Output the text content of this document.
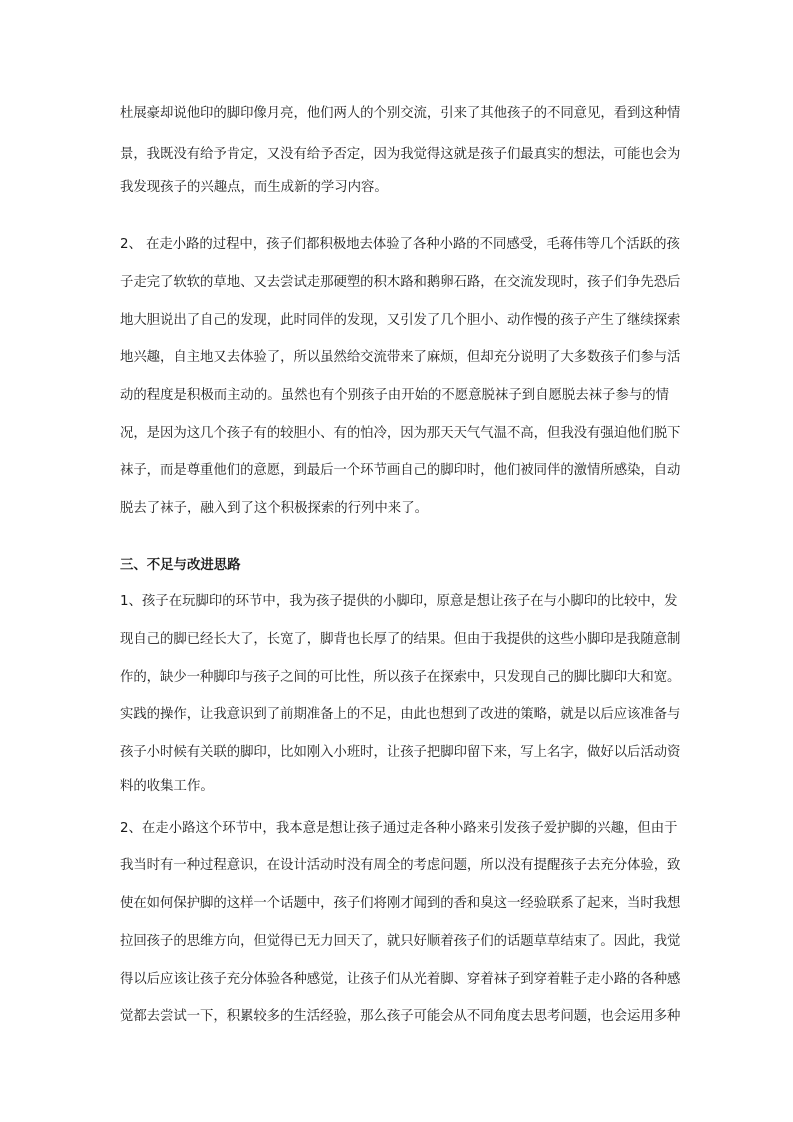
杜展豪却说他印的脚印像月亮，他们两人的个别交流，引来了其他孩子的不同意见，看到这种情
景，我既没有给予肯定，又没有给予否定，因为我觉得这就是孩子们最真实的想法，可能也会为
我发现孩子的兴趣点，而生成新的学习内容。
2、 在走小路的过程中，孩子们都积极地去体验了各种小路的不同感受，毛蒋伟等几个活跃的孩
子走完了软软的草地、又去尝试走那硬塑的积木路和鹅卵石路，在交流发现时，孩子们争先恐后
地大胆说出了自己的发现，此时同伴的发现，又引发了几个胆小、动作慢的孩子产生了继续探索
地兴趣，自主地又去体验了，所以虽然给交流带来了麻烦，但却充分说明了大多数孩子们参与活
动的程度是积极而主动的。虽然也有个别孩子由开始的不愿意脱袜子到自愿脱去袜子参与的情
况，是因为这几个孩子有的较胆小、有的怕冷，因为那天天气气温不高，但我没有强迫他们脱下
袜子，而是尊重他们的意愿，到最后一个环节画自己的脚印时，他们被同伴的激情所感染，自动
脱去了袜子，融入到了这个积极探索的行列中来了。
三、不足与改进思路
1、孩子在玩脚印的环节中，我为孩子提供的小脚印，原意是想让孩子在与小脚印的比较中，发
现自己的脚已经长大了，长宽了，脚背也长厚了的结果。但由于我提供的这些小脚印是我随意制
作的，缺少一种脚印与孩子之间的可比性，所以孩子在探索中，只发现自己的脚比脚印大和宽。
实践的操作，让我意识到了前期准备上的不足，由此也想到了改进的策略，就是以后应该准备与
孩子小时候有关联的脚印，比如刚入小班时，让孩子把脚印留下来，写上名字，做好以后活动资
料的收集工作。
2、在走小路这个环节中，我本意是想让孩子通过走各种小路来引发孩子爱护脚的兴趣，但由于
我当时有一种过程意识，在设计活动时没有周全的考虑问题，所以没有提醒孩子去充分体验，致
使在如何保护脚的这样一个话题中，孩子们将刚才闻到的香和臭这一经验联系了起来，当时我想
拉回孩子的思维方向，但觉得已无力回天了，就只好顺着孩子们的话题草草结束了。因此，我觉
得以后应该让孩子充分体验各种感觉，让孩子们从光着脚、穿着袜子到穿着鞋子走小路的各种感
觉都去尝试一下，积累较多的生活经验，那么孩子可能会从不同角度去思考问题，也会运用多种
